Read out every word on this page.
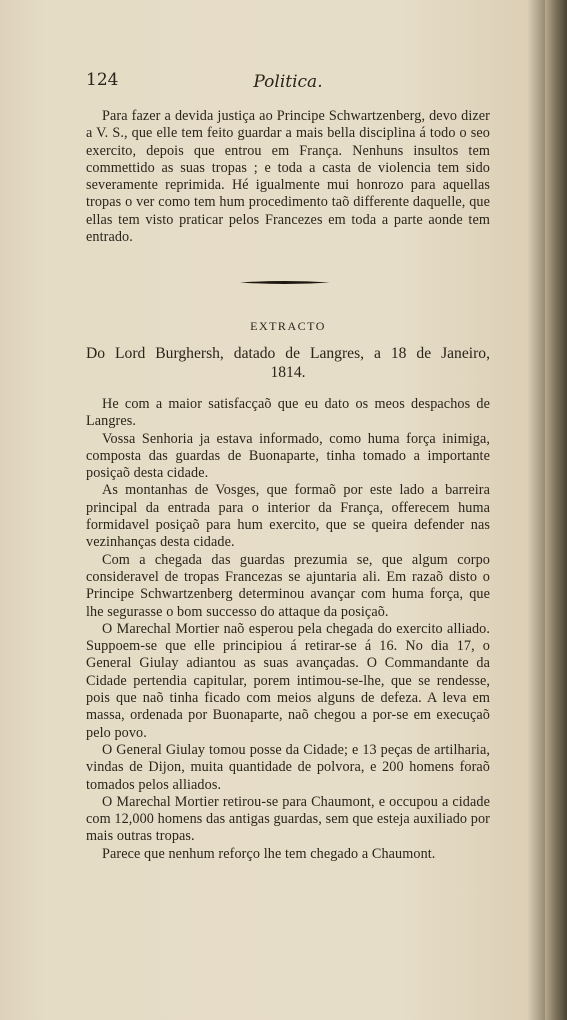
124	Politica.

Para fazer a devida justiça ao Principe Schwartzenberg, devo dizer a V. S., que elle tem feito guardar a mais bella disciplina á todo o seo exercito, depois que entrou em França. Nenhuns insultos tem commettido as suas tropas ; e toda a casta de violencia tem sido severamente reprimida. Hé igualmente mui honrozo para aquellas tropas o ver como tem hum procedimento taõ differente daquelle, que ellas tem visto praticar pelos Francezes em toda a parte aonde tem entrado.

EXTRACTO
Do Lord Burghersh, datado de Langres, a 18 de Janeiro,
1814.

He com a maior satisfacçaõ que eu dato os meos despachos de Langres.

Vossa Senhoria ja estava informado, como huma força inimiga, composta das guardas de Buonaparte, tinha tomado a importante posiçaõ desta cidade.

As montanhas de Vosges, que formaõ por este lado a barreira principal da entrada para o interior da França, offerecem huma formidavel posiçaõ para hum exercito, que se queira defender nas vezinhanças desta cidade.

Com a chegada das guardas prezumia se, que algum corpo consideravel de tropas Francezas se ajuntaria ali. Em razaõ disto o Principe Schwartzenberg determinou avançar com huma força, que lhe segurasse o bom successo do attaque da posiçaõ.

O Marechal Mortier naõ esperou pela chegada do exercito alliado. Suppoem-se que elle principiou á retirar-se á 16. No dia 17, o General Giulay adiantou as suas avançadas. O Commandante da Cidade pertendia capitular, porem intimou-se-lhe, que se rendesse, pois que naõ tinha ficado com meios alguns de defeza. A leva em massa, ordenada por Buonaparte, naõ chegou a por-se em execuçaõ pelo povo.

O General Giulay tomou posse da Cidade; e 13 peças de artilharia, vindas de Dijon, muita quantidade de polvora, e 200 homens foraõ tomados pelos alliados.

O Marechal Mortier retirou-se para Chaumont, e occupou a cidade com 12,000 homens das antigas guardas, sem que esteja auxiliado por mais outras tropas.

Parece que nenhum reforço lhe tem chegado a Chaumont.
